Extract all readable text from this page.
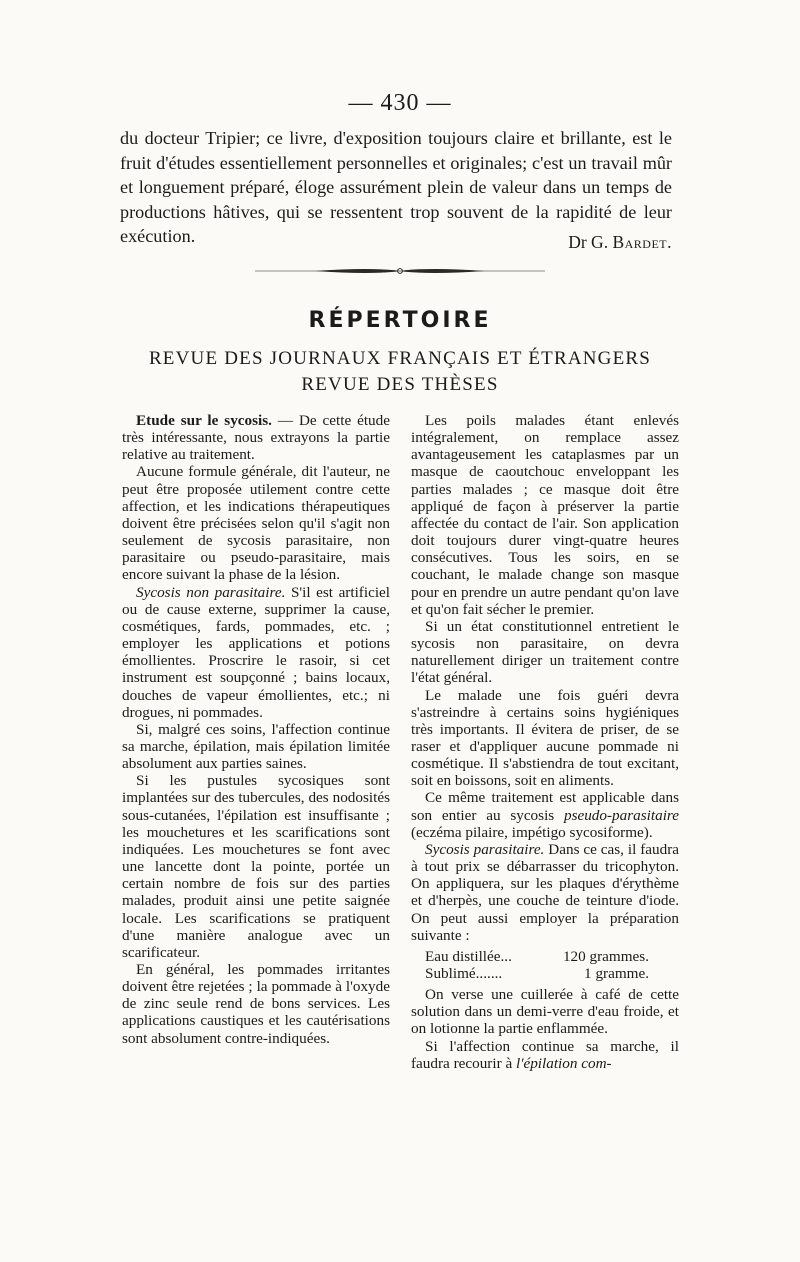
— 430 —

du docteur Tripier; ce livre, d'exposition toujours claire et brillante, est le fruit d'études essentiellement personnelles et originales; c'est un travail mûr et longuement préparé, éloge assurément plein de valeur dans un temps de productions hâtives, qui se ressentent trop souvent de la rapidité de leur exécution.	Dr G. Bardet.
RÉPERTOIRE
REVUE DES JOURNAUX FRANÇAIS ET ÉTRANGERS
REVUE DES THÈSES

Etude sur le sycosis. — De cette étude très intéressante, nous extrayons la partie relative au traitement.

Aucune formule générale, dit l'auteur, ne peut être proposée utilement contre cette affection, et les indications thérapeutiques doivent être précisées selon qu'il s'agit non seulement de sycosis parasitaire, non parasitaire ou pseudo-parasitaire, mais encore suivant la phase de la lésion.

Sycosis non parasitaire. S'il est artificiel ou de cause externe, supprimer la cause, cosmétiques, fards, pommades, etc. ; employer les applications et potions émollientes. Proscrire le rasoir, si cet instrument est soupçonné ; bains locaux, douches de vapeur émollientes, etc.; ni drogues, ni pommades.

Si, malgré ces soins, l'affection continue sa marche, épilation, mais épilation limitée absolument aux parties saines.

Si les pustules sycosiques sont implantées sur des tubercules, des nodosités sous-cutanées, l'épilation est insuffisante ; les mouchetures et les scarifications sont indiquées. Les mouchetures se font avec une lancette dont la pointe, portée un certain nombre de fois sur des parties malades, produit ainsi une petite saignée locale. Les scarifications se pratiquent d'une manière analogue avec un scarificateur.

En général, les pommades irritantes doivent être rejetées ; la pommade à l'oxyde de zinc seule rend de bons services. Les applications caustiques et les cautérisations sont absolument contre-indiquées.

Les poils malades étant enlevés intégralement, on remplace assez avantageusement les cataplasmes par un masque de caoutchouc enveloppant les parties malades ; ce masque doit être appliqué de façon à préserver la partie affectée du contact de l'air. Son application doit toujours durer vingt-quatre heures consécutives. Tous les soirs, en se couchant, le malade change son masque pour en prendre un autre pendant qu'on lave et qu'on fait sécher le premier.

Si un état constitutionnel entretient le sycosis non parasitaire, on devra naturellement diriger un traitement contre l'état général.

Le malade une fois guéri devra s'astreindre à certains soins hygiéniques très importants. Il évitera de priser, de se raser et d'appliquer aucune pommade ni cosmétique. Il s'abstiendra de tout excitant, soit en boissons, soit en aliments.

Ce même traitement est applicable dans son entier au sycosis pseudo-parasitaire (eczéma pilaire, impétigo sycosiforme).

Sycosis parasitaire. Dans ce cas, il faudra à tout prix se débarrasser du tricophyton. On appliquera, sur les plaques d'érythème et d'herpès, une couche de teinture d'iode. On peut aussi employer la préparation suivante :

Eau distillée...	120 grammes.
Sublimé.......	1 gramme.

On verse une cuillerée à café de cette solution dans un demi-verre d'eau froide, et on lotionne la partie enflammée.

Si l'affection continue sa marche, il faudra recourir à l'épilation com-
